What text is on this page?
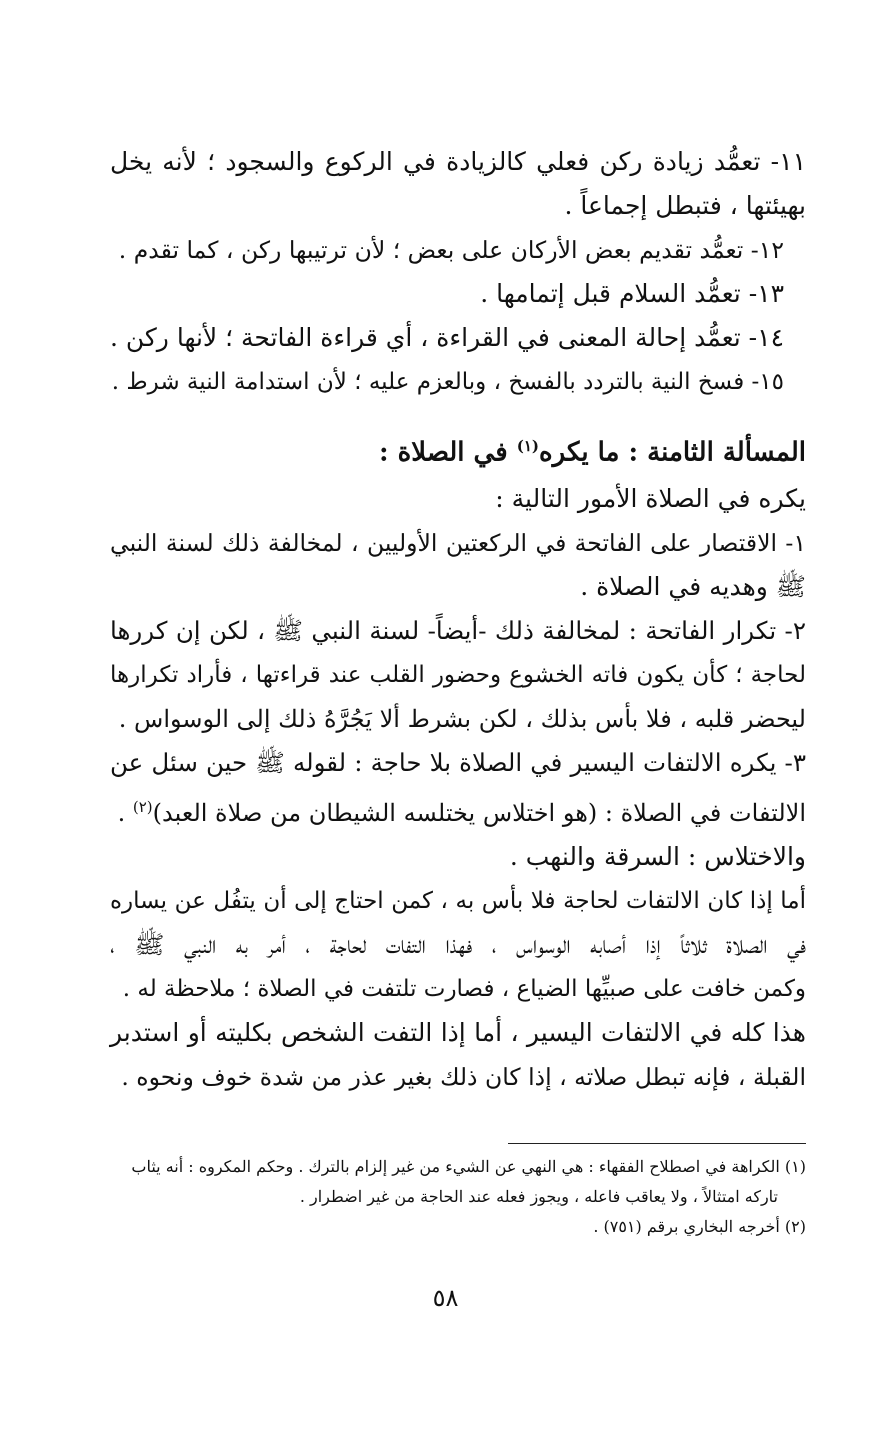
١١- تعمُّد زيادة ركن فعلي كالزيادة في الركوع والسجود ؛ لأنه يخل
بهيئتها ، فتبطل إجماعاً .
١٢- تعمُّد تقديم بعض الأركان على بعض ؛ لأن ترتيبها ركن ، كما تقدم .
١٣- تعمُّد السلام قبل إتمامها .
١٤- تعمُّد إحالة المعنى في القراءة ، أي قراءة الفاتحة ؛ لأنها ركن .
١٥- فسخ النية بالتردد بالفسخ ، وبالعزم عليه ؛ لأن استدامة النية شرط .
المسألة الثامنة : ما يكره$^{(١)}$ في الصلاة :
يكره في الصلاة الأمور التالية :
١- الاقتصار على الفاتحة في الركعتين الأوليين ، لمخالفة ذلك لسنة النبي
ﷺ وهديه في الصلاة .
٢- تكرار الفاتحة : لمخالفة ذلك -أيضاً- لسنة النبي ﷺ ، لكن إن كررها
لحاجة ؛ كأن يكون فاته الخشوع وحضور القلب عند قراءتها ، فأراد تكرارها
ليحضر قلبه ، فلا بأس بذلك ، لكن بشرط ألا يَجُرَّهُ ذلك إلى الوسواس .
٣- يكره الالتفات اليسير في الصلاة بلا حاجة : لقوله ﷺ حين سئل عن
الالتفات في الصلاة : (هو اختلاس يختلسه الشيطان من صلاة العبد)$^{(٢)}$ .
والاختلاس : السرقة والنهب .
أما إذا كان الالتفات لحاجة فلا بأس به ، كمن احتاج إلى أن يتفُل عن يساره
في الصلاة ثلاثاً إذا أصابه الوسواس ، فهذا التفات لحاجة ، أمر به النبي ﷺ ،
وكمن خافت على صبيِّها الضياع ، فصارت تلتفت في الصلاة ؛ ملاحظة له .
هذا كله في الالتفات اليسير ، أما إذا التفت الشخص بكليته أو استدبر
القبلة ، فإنه تبطل صلاته ، إذا كان ذلك بغير عذر من شدة خوف ونحوه .
(١) الكراهة في اصطلاح الفقهاء : هي النهي عن الشيء من غير إلزام بالترك . وحكم المكروه : أنه يثاب
تاركه امتثالاً ، ولا يعاقب فاعله ، ويجوز فعله عند الحاجة من غير اضطرار .
(٢) أخرجه البخاري برقم (٧٥١) .
٥٨
